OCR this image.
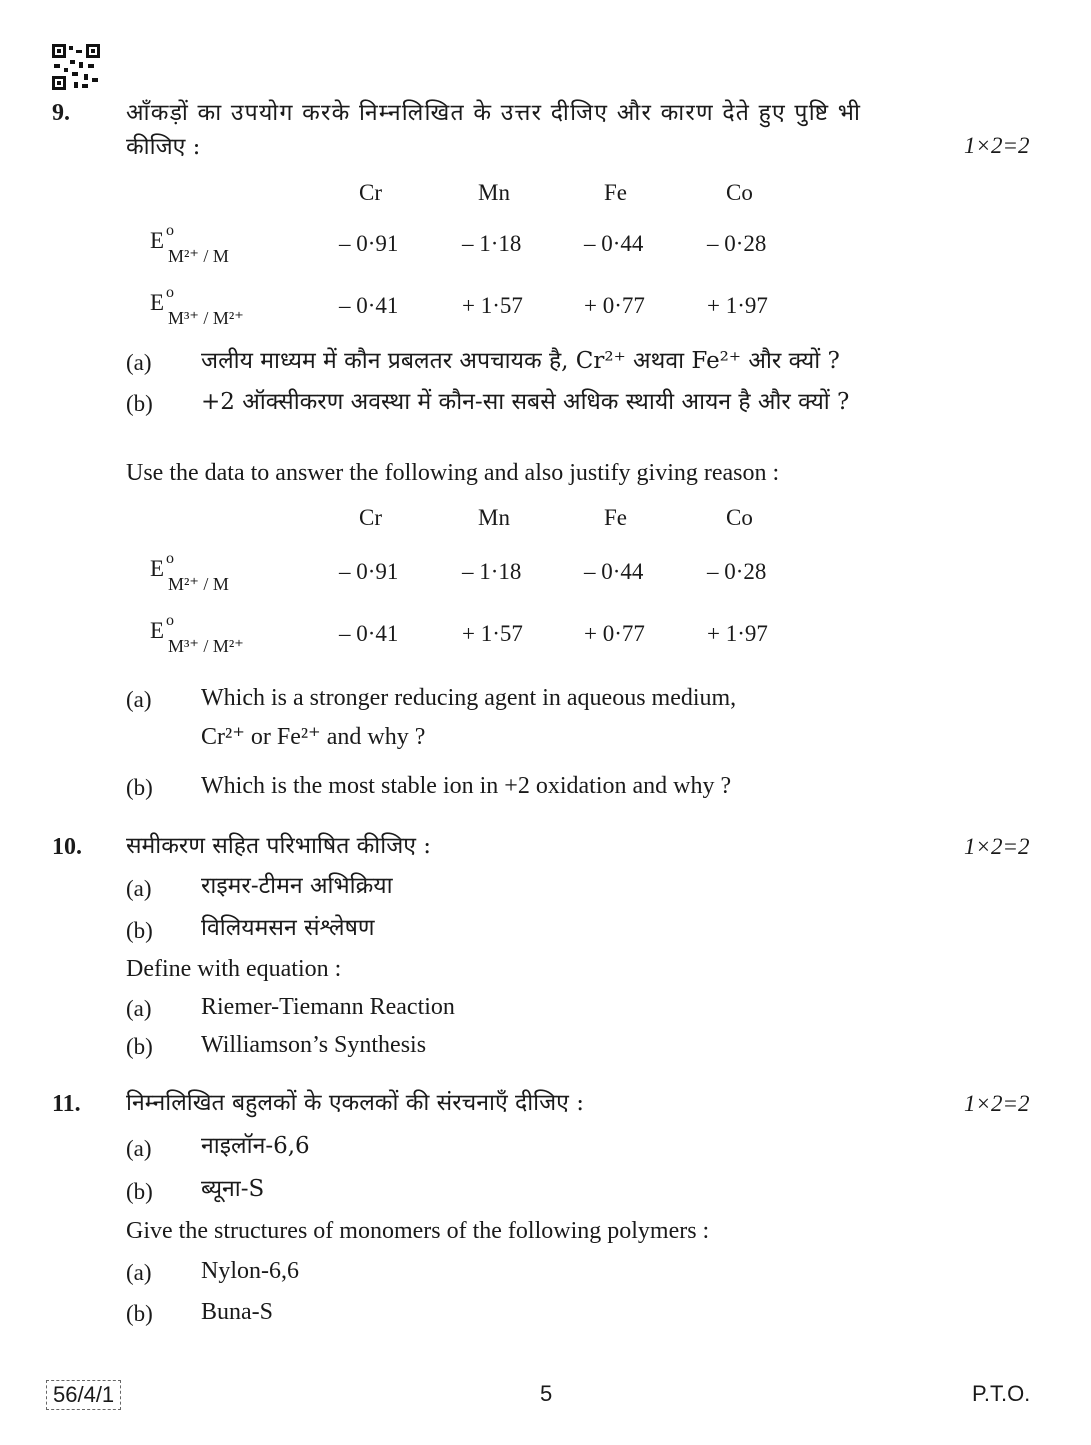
9. आँकड़ों का उपयोग करके निम्नलिखित के उत्तर दीजिए और कारण देते हुए पुष्टि भी
कीजिए :	1×2=2
Cr	Mn	Fe	Co
E o
M²⁺ / M	– 0·91	– 1·18	– 0·44	– 0·28
E o
M³⁺ / M²⁺	– 0·41	+ 1·57	+ 0·77	+ 1·97
(a) जलीय माध्यम में कौन प्रबलतर अपचायक है, Cr²⁺ अथवा Fe²⁺ और क्यों ?
(b) +2 ऑक्सीकरण अवस्था में कौन-सा सबसे अधिक स्थायी आयन है और क्यों ?
Use the data to answer the following and also justify giving reason :
Cr	Mn	Fe	Co
E o
M²⁺ / M	– 0·91	– 1·18	– 0·44	– 0·28
E o
M³⁺ / M²⁺	– 0·41	+ 1·57	+ 0·77	+ 1·97
(a) Which is a stronger reducing agent in aqueous medium,
Cr²⁺ or Fe²⁺ and why ?
(b) Which is the most stable ion in +2 oxidation and why ?
10. समीकरण सहित परिभाषित कीजिए :	1×2=2
(a) राइमर-टीमन अभिक्रिया
(b) विलियमसन संश्लेषण
Define with equation :
(a) Riemer-Tiemann Reaction
(b) Williamson’s Synthesis
11. निम्नलिखित बहुलकों के एकलकों की संरचनाएँ दीजिए :	1×2=2
(a) नाइलॉन-6,6
(b) ब्यूना-S
Give the structures of monomers of the following polymers :
(a) Nylon-6,6
(b) Buna-S
56/4/1	5	P.T.O.
